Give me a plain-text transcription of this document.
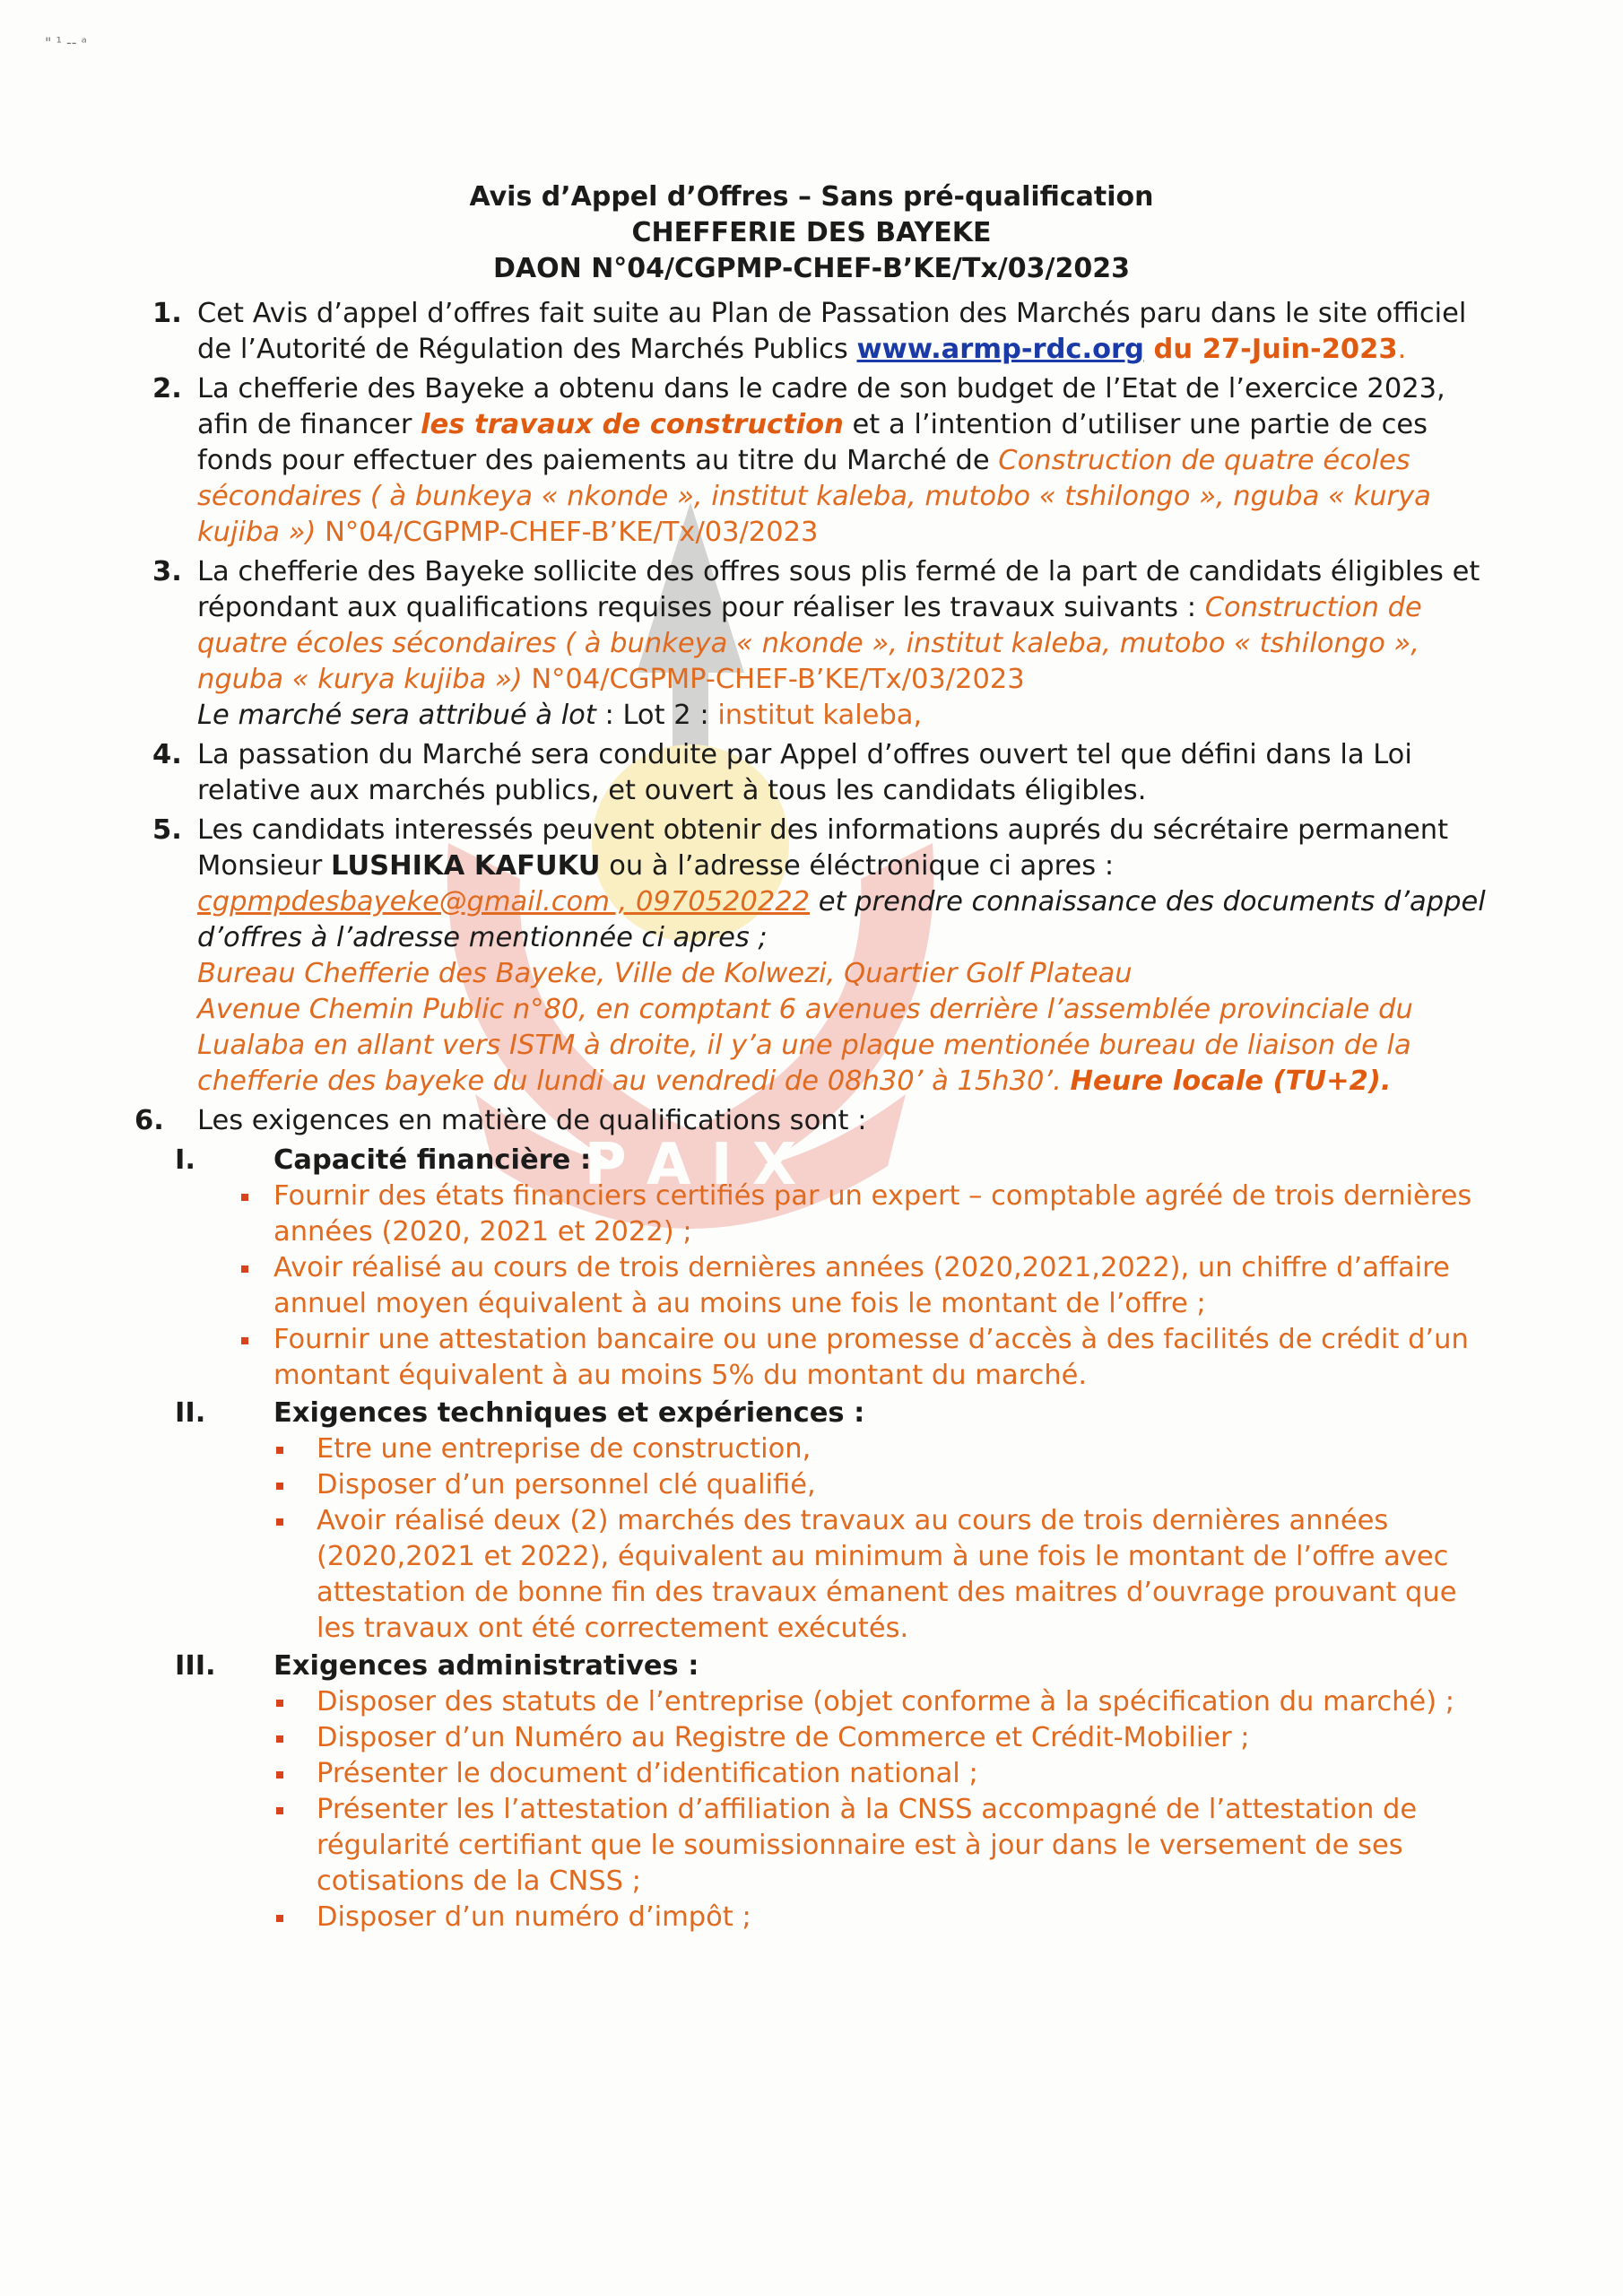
" ¹ -- ᵃ
P A I X
Avis d’Appel d’Offres – Sans pré-qualification
CHEFFERIE DES BAYEKE
DAON N°04/CGPMP-CHEF-B’KE/Tx/03/2023
1. Cet Avis d’appel d’offres fait suite au Plan de Passation des Marchés paru dans le site officiel de l’Autorité de Régulation des Marchés Publics www.armp-rdc.org du 27-Juin-2023.
2. La chefferie des Bayeke a obtenu dans le cadre de son budget de l’Etat de l’exercice 2023, afin de financer les travaux de construction et a l’intention d’utiliser une partie de ces fonds pour effectuer des paiements au titre du Marché de Construction de quatre écoles sécondaires ( à bunkeya « nkonde », institut kaleba, mutobo « tshilongo », nguba « kurya kujiba ») N°04/CGPMP-CHEF-B’KE/Tx/03/2023
3. La chefferie des Bayeke sollicite des offres sous plis fermé de la part de candidats éligibles et répondant aux qualifications requises pour réaliser les travaux suivants : Construction de quatre écoles sécondaires ( à bunkeya « nkonde », institut kaleba, mutobo « tshilongo », nguba « kurya kujiba ») N°04/CGPMP-CHEF-B’KE/Tx/03/2023
Le marché sera attribué à lot : Lot 2 : institut kaleba,
4. La passation du Marché sera conduite par Appel d’offres ouvert tel que défini dans la Loi relative aux marchés publics, et ouvert à tous les candidats éligibles.
5. Les candidats interessés peuvent obtenir des informations auprés du sécrétaire permanent Monsieur LUSHIKA KAFUKU ou à l’adresse éléctronique ci apres : cgpmpdesbayeke@gmail.com , 0970520222 et prendre connaissance des documents d’appel d’offres à l’adresse mentionnée ci apres ;
Bureau Chefferie des Bayeke, Ville de Kolwezi, Quartier Golf Plateau
Avenue Chemin Public n°80, en comptant 6 avenues derrière l’assemblée provinciale du Lualaba en allant vers ISTM à droite, il y’a une plaque mentionée bureau de liaison de la chefferie des bayeke du lundi au vendredi de 08h30’ à 15h30’. Heure locale (TU+2).
6. Les exigences en matière de qualifications sont :
I.	Capacité financière :
Fournir des états financiers certifiés par un expert – comptable agréé de trois dernières années (2020, 2021 et 2022) ;
Avoir réalisé au cours de trois dernières années (2020,2021,2022), un chiffre d’affaire annuel moyen équivalent à au moins une fois le montant de l’offre ;
Fournir une attestation bancaire ou une promesse d’accès à des facilités de crédit d’un montant équivalent à au moins 5% du montant du marché.
II. Exigences techniques et expériences :
Etre une entreprise de construction,
Disposer d’un personnel clé qualifié,
Avoir réalisé deux (2) marchés des travaux au cours de trois dernières années (2020,2021 et 2022), équivalent au minimum à une fois le montant de l’offre avec attestation de bonne fin des travaux émanent des maitres d’ouvrage prouvant que les travaux ont été correctement exécutés.
III. Exigences administratives :
Disposer des statuts de l’entreprise (objet conforme à la spécification du marché) ;
Disposer d’un Numéro au Registre de Commerce et Crédit-Mobilier ;
Présenter le document d’identification national ;
Présenter les l’attestation d’affiliation à la CNSS accompagné de l’attestation de régularité certifiant que le soumissionnaire est à jour dans le versement de ses cotisations de la CNSS ;
Disposer d’un numéro d’impôt ;
